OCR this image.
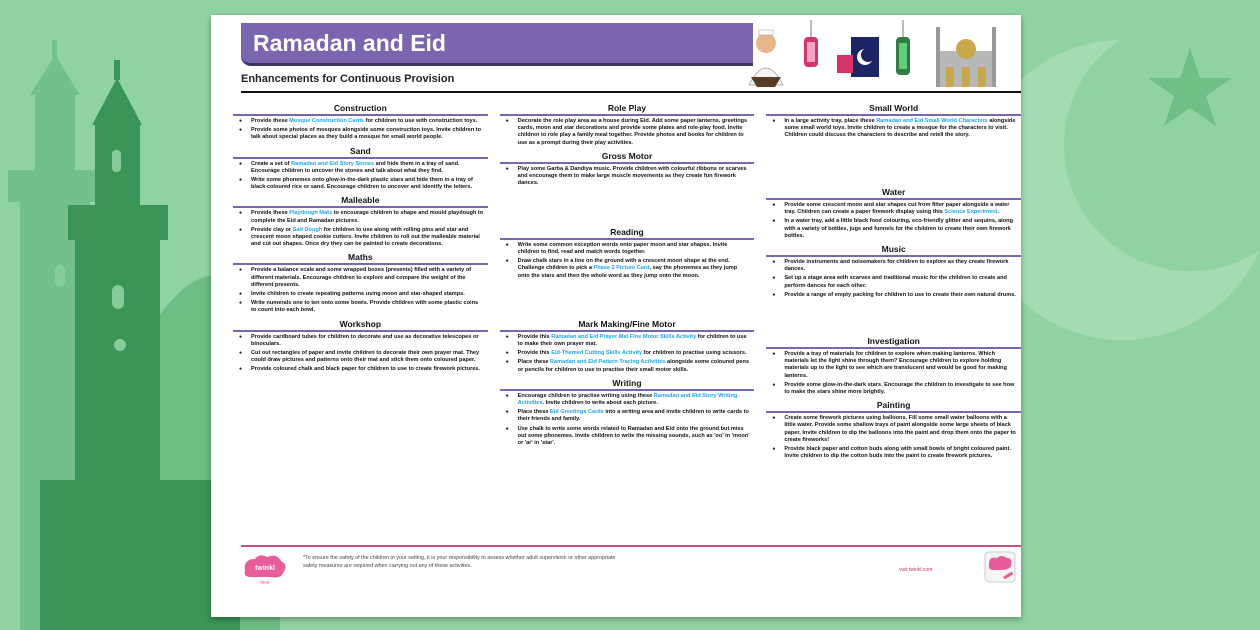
Ramadan and Eid
Enhancements for Continuous Provision
Construction
● Provide these Mosque Construction Cards for children to use with construction toys.
● Provide some photos of mosques alongside some construction toys. Invite children to talk about special places as they build a mosque for small world people.
Sand
● Create a set of Ramadan and Eid Story Stones and hide them in a tray of sand. Encourage children to uncover the stones and talk about what they find.
● Write some phonemes onto glow-in-the-dark plastic stars and hide them in a tray of black coloured rice or sand. Encourage children to uncover and identify the letters.
Malleable
● Provide these Playdough Mats to encourage children to shape and mould playdough to complete the Eid and Ramadan pictures.
● Provide clay or Salt Dough for children to use along with rolling pins and star and crescent moon shaped cookie cutters. Invite children to roll out the malleable material and cut out shapes. Once dry they can be painted to create decorations.
Maths
● Provide a balance scale and some wrapped boxes (presents) filled with a variety of different materials. Encourage children to explore and compare the weight of the different presents.
● Invite children to create repeating patterns using moon and star-shaped stamps.
● Write numerals one to ten onto some bowls. Provide children with some plastic coins to count into each bowl.
Workshop
● Provide cardboard tubes for children to decorate and use as decorative telescopes or binoculars.
● Cut out rectangles of paper and invite children to decorate their own prayer mat. They could draw pictures and patterns onto their mat and stick them onto coloured paper.
● Provide coloured chalk and black paper for children to use to create firework pictures.
Role Play
● Decorate the role play area as a house during Eid. Add some paper lanterns, greetings cards, moon and star decorations and provide some plates and role-play food. Invite children to role play a family meal together. Provide photos and books for children to use as a prompt during their play activities.
Gross Motor
● Play some Garba & Dandiya music. Provide children with colourful ribbons or scarves and encourage them to make large muscle movements as they create fun firework dances.
Reading
● Write some common exception words onto paper moon and star shapes. Invite children to find, read and match words together.
● Draw chalk stars in a line on the ground with a crescent moon shape at the end. Challenge children to pick a Phase 2 Picture Card, say the phonemes as they jump onto the stars and then the whole word as they jump onto the moon.
Mark Making/Fine Motor
● Provide this Ramadan and Eid Prayer Mat Fine Motor Skills Activity for children to use to make their own prayer mat.
● Provide this Eid-Themed Cutting Skills Activity for children to practise using scissors.
● Place these Ramadan and Eid Pattern Tracing Activities alongside some coloured pens or pencils for children to use to practise their small motor skills.
Writing
● Encourage children to practise writing using these Ramadan and Eid Story Writing Activities. Invite children to write about each picture.
● Place these Eid Greetings Cards into a writing area and invite children to write cards to their friends and family.
● Use chalk to write some words related to Ramadan and Eid onto the ground but miss out some phonemes. Invite children to write the missing sounds, such as 'oo' in 'moon' or 'ar' in 'star'.
Small World
● In a large activity tray, place these Ramadan and Eid Small World Characters alongside some small world toys. Invite children to create a mosque for the characters to visit. Children could discuss the characters to describe and retell the story.
Water
● Provide some crescent moon and star shapes cut from filter paper alongside a water tray. Children can create a paper firework display using this Science Experiment.
● In a water tray, add a little black food colouring, eco-friendly glitter and sequins, along with a variety of bottles, jugs and funnels for the children to create their own firework bottles.
Music
● Provide instruments and noisemakers for children to explore as they create firework dances.
● Set up a stage area with scarves and traditional music for the children to create and perform dances for each other.
● Provide a range of empty packing for children to use to create their own natural drums.
Investigation
● Provide a tray of materials for children to explore when making lanterns. Which materials let the light shine through them? Encourage children to explore holding materials up to the light to see which are translucent and would be good for making lanterns.
● Provide some glow-in-the-dark stars. Encourage the children to investigate to see how to make the stars shine more brightly.
Painting
● Create some firework pictures using balloons. Fill some small water balloons with a little water. Provide some shallow trays of paint alongside some large sheets of black paper. Invite children to dip the balloons into the paint and drop them onto the paper to create fireworks!
● Provide black paper and cotton buds along with small bowls of bright coloured paint. Invite children to dip the cotton buds into the paint to create firework pictures.
twinkl
hive
*To ensure the safety of the children in your setting, it is your responsibility to assess whether adult supervision or other appropriate safety measures are required when carrying out any of these activities.
visit twinkl.com
